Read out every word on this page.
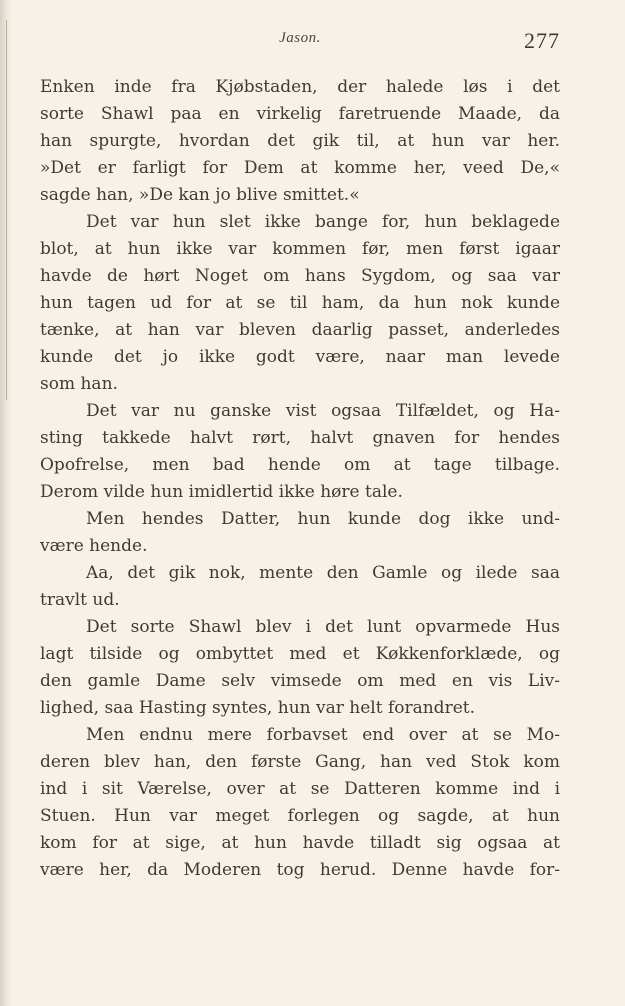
Jason.	277
Enken inde fra Kjøbstaden, der halede løs i det
sorte Shawl paa en virkelig faretruende Maade, da
han spurgte, hvordan det gik til, at hun var her.
»Det er farligt for Dem at komme her, veed De,«
sagde han, »De kan jo blive smittet.«
Det var hun slet ikke bange for, hun beklagede
blot, at hun ikke var kommen før, men først igaar
havde de hørt Noget om hans Sygdom, og saa var
hun tagen ud for at se til ham, da hun nok kunde
tænke, at han var bleven daarlig passet, anderledes
kunde det jo ikke godt være, naar man levede
som han.
Det var nu ganske vist ogsaa Tilfældet, og Ha-
sting takkede halvt rørt, halvt gnaven for hendes
Opofrelse, men bad hende om at tage tilbage.
Derom vilde hun imidlertid ikke høre tale.
Men hendes Datter, hun kunde dog ikke und-
være hende.
Aa, det gik nok, mente den Gamle og ilede saa
travlt ud.
Det sorte Shawl blev i det lunt opvarmede Hus
lagt tilside og ombyttet med et Køkkenforklæde, og
den gamle Dame selv vimsede om med en vis Liv-
lighed, saa Hasting syntes, hun var helt forandret.
Men endnu mere forbavset end over at se Mo-
deren blev han, den første Gang, han ved Stok kom
ind i sit Værelse, over at se Datteren komme ind i
Stuen. Hun var meget forlegen og sagde, at hun
kom for at sige, at hun havde tilladt sig ogsaa at
være her, da Moderen tog herud. Denne havde for-
